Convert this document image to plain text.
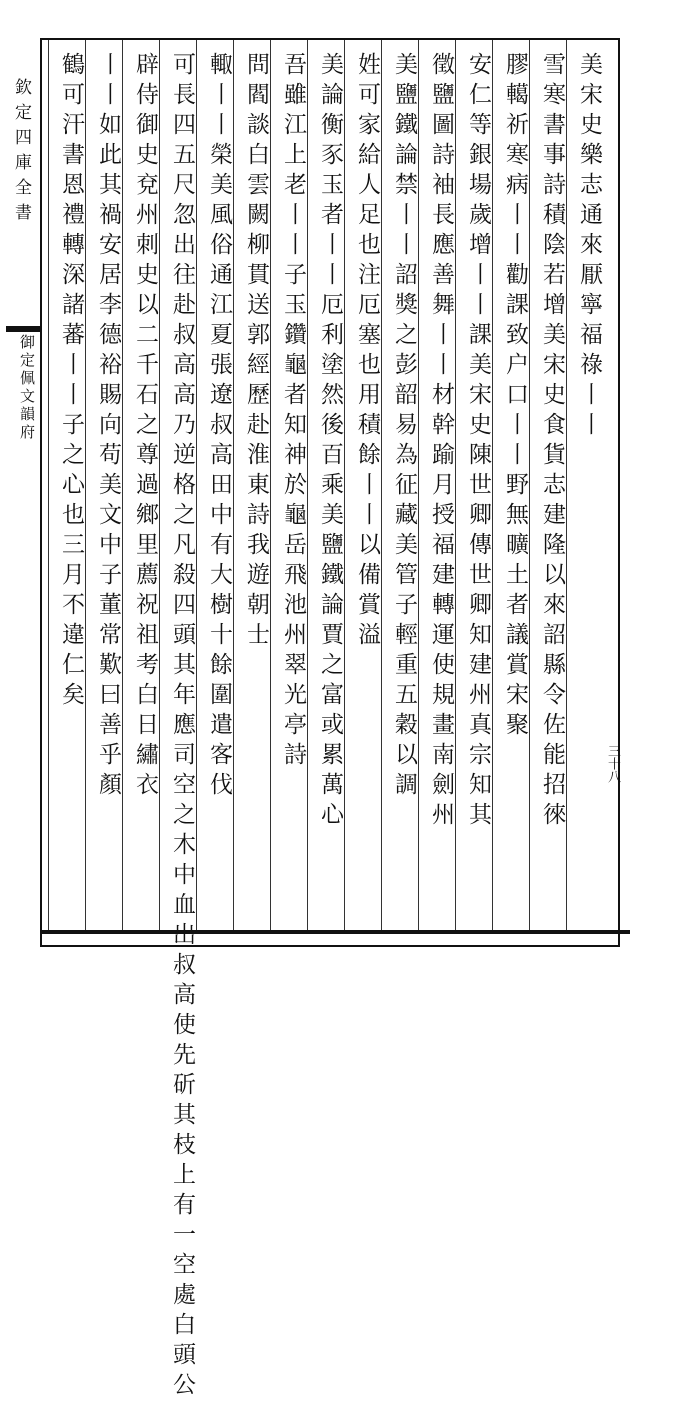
欽定四庫全書
御定佩文韻府	美宋史樂志通來厭寧福祿丨丨
雪寒書事詩積陰若增美宋史食貨志建隆以來詔縣令佐能招徠
膠轕祈寒病丨丨勸課致户口丨丨野無曠土者議賞宋聚
安仁等銀場歲增丨丨課美宋史陳世卿傳世卿知建州真宗知其
徵鹽圖詩袖長應善舞丨丨材幹踰月授福建轉運使規畫南劍州
美鹽鐵論禁丨丨詔獎之彭韶易為征藏美管子輕重五穀以調
姓可家給人足也注厄塞也用積餘丨丨以備賞溢
美論衡豕玉者丨丨厄利塗然後百乘美鹽鐵論賈之富或累萬心
吾雖江上老丨丨子玉鑽龜者知神於龜岳飛池州翠光亭詩
問閻談白雲闕柳貫送郭經歷赴淮東詩我遊朝士
輙丨丨榮美風俗通江夏張遼叔高田中有大樹十餘圍遣客伐
可長四五尺忽出往赴叔高高乃逆格之凡殺四頭其年應司空之木中血出叔高使先斫其枝上有一空處白頭公
辟侍御史兗州刺史以二千石之尊過鄉里薦祝祖考白日繡衣
丨丨如此其禍安居李德裕賜向苟美文中子董常歎曰善乎顏
鶴可汗書恩禮轉深諸蕃丨丨子之心也三月不違仁矣
三十八
